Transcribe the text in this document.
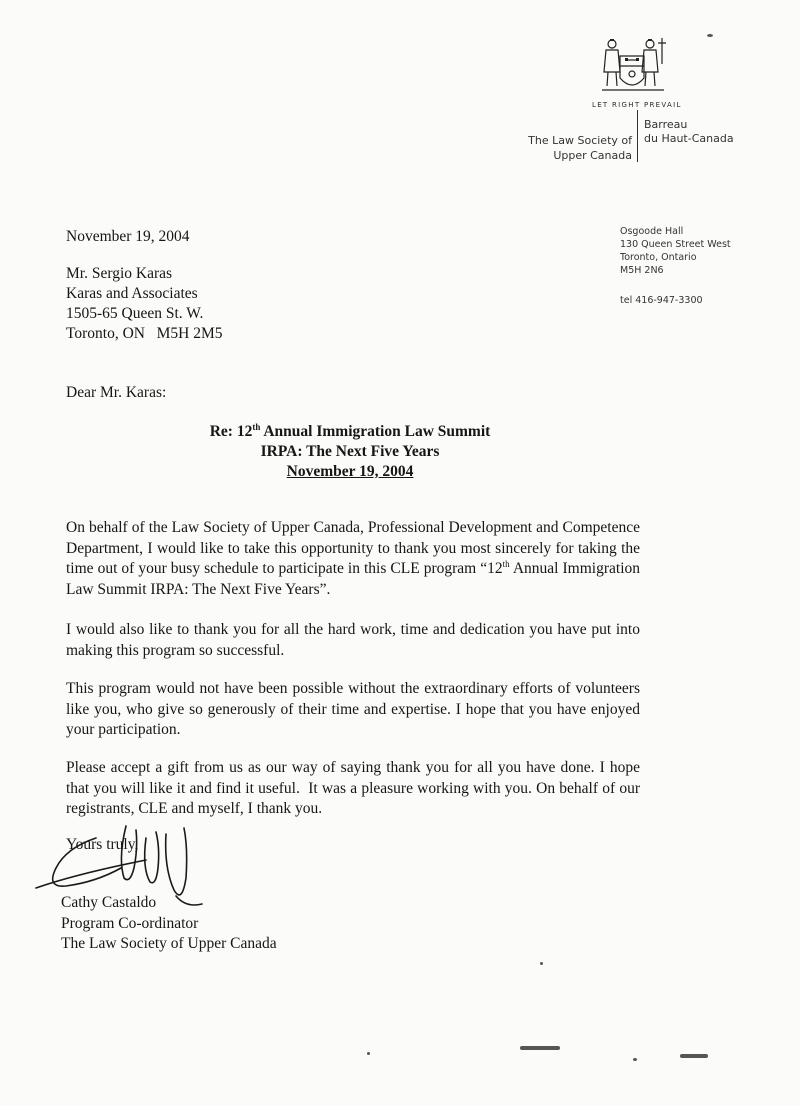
LET RIGHT PREVAIL
The Law Society of
Upper Canada
Barreau
du Haut-Canada
Osgoode Hall
130 Queen Street West
Toronto, Ontario
M5H 2N6
tel 416-947-3300
November 19, 2004
Mr. Sergio Karas
Karas and Associates
1505-65 Queen St. W.
Toronto, ON   M5H 2M5
Dear Mr. Karas:
Re: 12th Annual Immigration Law Summit
IRPA: The Next Five Years
November 19, 2004
On behalf of the Law Society of Upper Canada, Professional Development and Competence Department, I would like to take this opportunity to thank you most sincerely for taking the time out of your busy schedule to participate in this CLE program “12th Annual Immigration Law Summit IRPA: The Next Five Years”.
I would also like to thank you for all the hard work, time and dedication you have put into making this program so successful.
This program would not have been possible without the extraordinary efforts of volunteers like you, who give so generously of their time and expertise. I hope that you have enjoyed your participation.
Please accept a gift from us as our way of saying thank you for all you have done. I hope that you will like it and find it useful.  It was a pleasure working with you. On behalf of our registrants, CLE and myself, I thank you.
Yours truly,
Cathy Castaldo
Program Co-ordinator
The Law Society of Upper Canada
